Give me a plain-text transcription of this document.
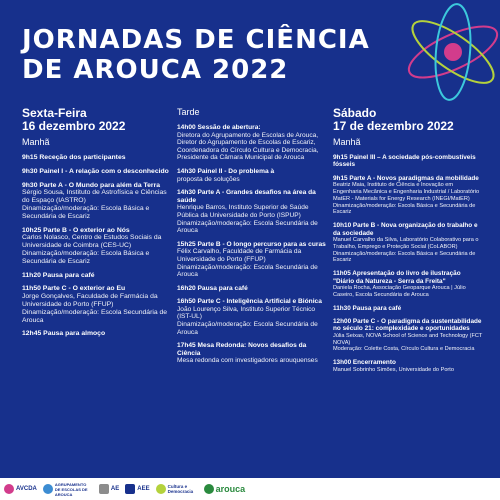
JORNADAS DE CIÊNCIA
DE AROUCA 2022
Sexta-Feira
16 dezembro 2022
Manhã
9h15 Receção dos participantes
9h30 Painel I - A relação com o desconhecido
9h30 Parte A - O Mundo para além da Terra
Sérgio Sousa, Instituto de Astrofísica e Ciências do Espaço (IASTRO)
Dinamização/moderação: Escola Básica e Secundária de Escariz
10h25 Parte B - O exterior ao Nós
Carlos Nolasco, Centro de Estudos Sociais da Universidade de Coimbra (CES-UC)
Dinamização/moderação: Escola Básica e Secundária de Escariz
11h20 Pausa para café
11h50 Parte C - O exterior ao Eu
Jorge Gonçalves, Faculdade de Farmácia da Universidade do Porto (FFUP)
Dinamização/moderação: Escola Secundária de Arouca
12h45 Pausa para almoço
Tarde
14h00 Sessão de abertura:
Diretora do Agrupamento de Escolas de Arouca, Diretor do Agrupamento de Escolas de Escariz, Coordenadora do Círculo Cultura e Democracia, Presidente da Câmara Municipal de Arouca
14h30 Painel II - Do problema à
proposta de soluções
14h30 Parte A - Grandes desafios na área da saúde
Henrique Barros, Instituto Superior de Saúde Pública da Universidade do Porto (ISPUP)
Dinamização/moderação: Escola Secundária de Arouca
15h25 Parte B - O longo percurso para as curas
Félix Carvalho, Faculdade de Farmácia da Universidade do Porto (FFUP)
Dinamização/moderação: Escola Secundária de Arouca
16h20 Pausa para café
16h50 Parte C - Inteligência Artificial e Biónica
João Lourenço Silva, Instituto Superior Técnico (IST-UL)
Dinamização/moderação: Escola Secundária de Arouca
17h45 Mesa Redonda: Novos desafios da Ciência
Mesa redonda com investigadores arouquenses
Sábado
17 de dezembro 2022
Manhã
9h15 Painel III – A sociedade pós-combustíveis fósseis
9h15 Parte A - Novos paradigmas da mobilidade
Beatriz Maia, Instituto de Ciência e Inovação em Engenharia Mecânica e Engenharia Industrial / Laboratório MatER - Materials for Energy Research (INEGI/MatER)
Dinamização/moderação: Escola Básica e Secundária de Escariz
10h10 Parte B - Nova organização do trabalho e da sociedade
Manuel Carvalho da Silva, Laboratório Colaborativo para o Trabalho, Emprego e Proteção Social (CoLABOR)
Dinamização/moderação: Escola Básica e Secundária de Escariz
11h05 Apresentação do livro de ilustração "Diário da Natureza - Serra da Freita"
Daniela Rocha, Associação Geoparque Arouca | Júlio Caseiro, Escola Secundária de Arouca
11h30 Pausa para café
12h00 Parte C - O paradigma da sustentabilidade no século 21: complexidade e oportunidades
Júlia Seixas, NOVA School of Science and Technology (FCT NOVA)
Moderação: Colette Costa, Círculo Cultura e Democracia
13h00 Encerramento
Manuel Sobrinho Simões, Universidade do Porto
AVCDA
AGRUPAMENTO DE ESCOLAS DE AROUCA
AE	AEE	Cultura e Democracia	arouca
